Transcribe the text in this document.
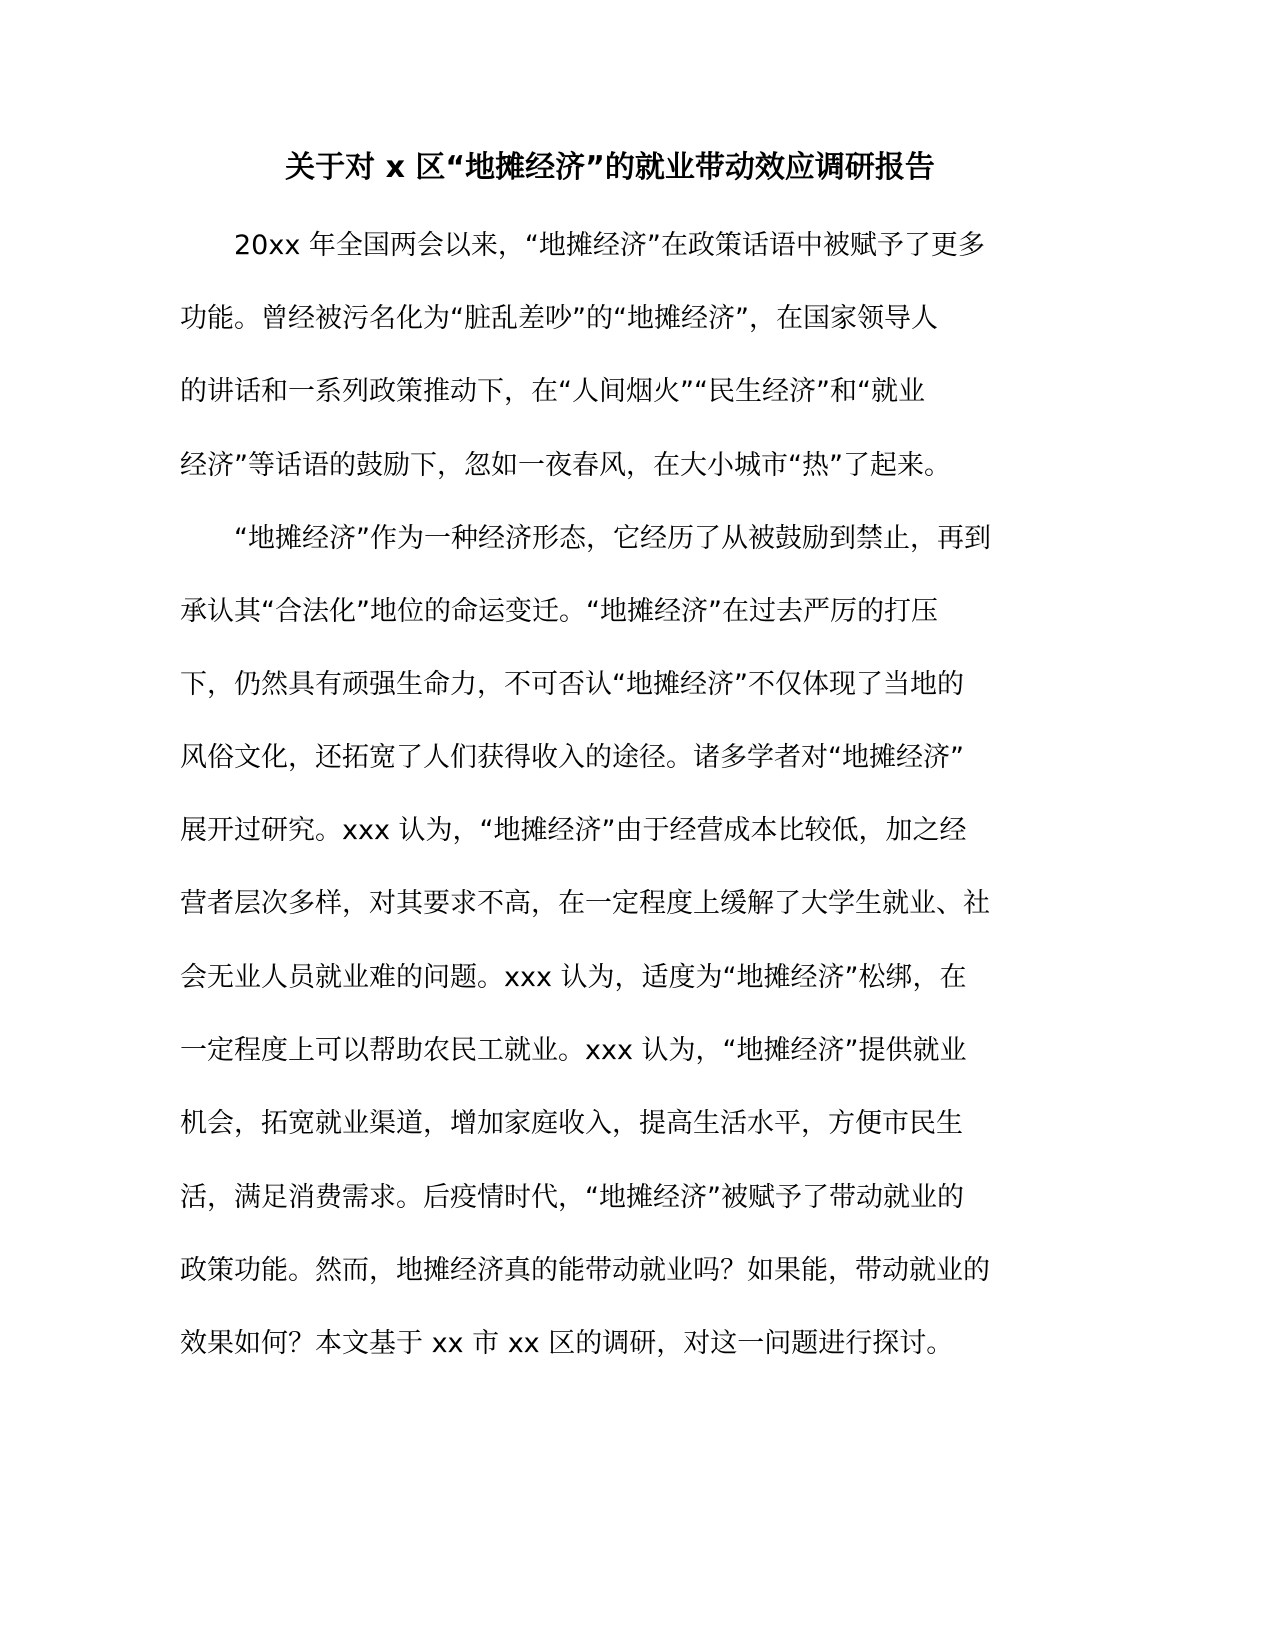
关于对 x 区“地摊经济”的就业带动效应调研报告
20xx 年全国两会以来，“地摊经济”在政策话语中被赋予了更多
功能。曾经被污名化为“脏乱差吵”的“地摊经济”，在国家领导人
的讲话和一系列政策推动下，在“人间烟火”“民生经济”和“就业
经济”等话语的鼓励下，忽如一夜春风，在大小城市“热”了起来。
“地摊经济”作为一种经济形态，它经历了从被鼓励到禁止，再到
承认其“合法化”地位的命运变迁。“地摊经济”在过去严厉的打压
下，仍然具有顽强生命力，不可否认“地摊经济”不仅体现了当地的
风俗文化，还拓宽了人们获得收入的途径。诸多学者对“地摊经济”
展开过研究。xxx 认为，“地摊经济”由于经营成本比较低，加之经
营者层次多样，对其要求不高，在一定程度上缓解了大学生就业、社
会无业人员就业难的问题。xxx 认为，适度为“地摊经济”松绑，在
一定程度上可以帮助农民工就业。xxx 认为，“地摊经济”提供就业
机会，拓宽就业渠道，增加家庭收入，提高生活水平，方便市民生
活，满足消费需求。后疫情时代，“地摊经济”被赋予了带动就业的
政策功能。然而，地摊经济真的能带动就业吗？如果能，带动就业的
效果如何？本文基于 xx 市 xx 区的调研，对这一问题进行探讨。
